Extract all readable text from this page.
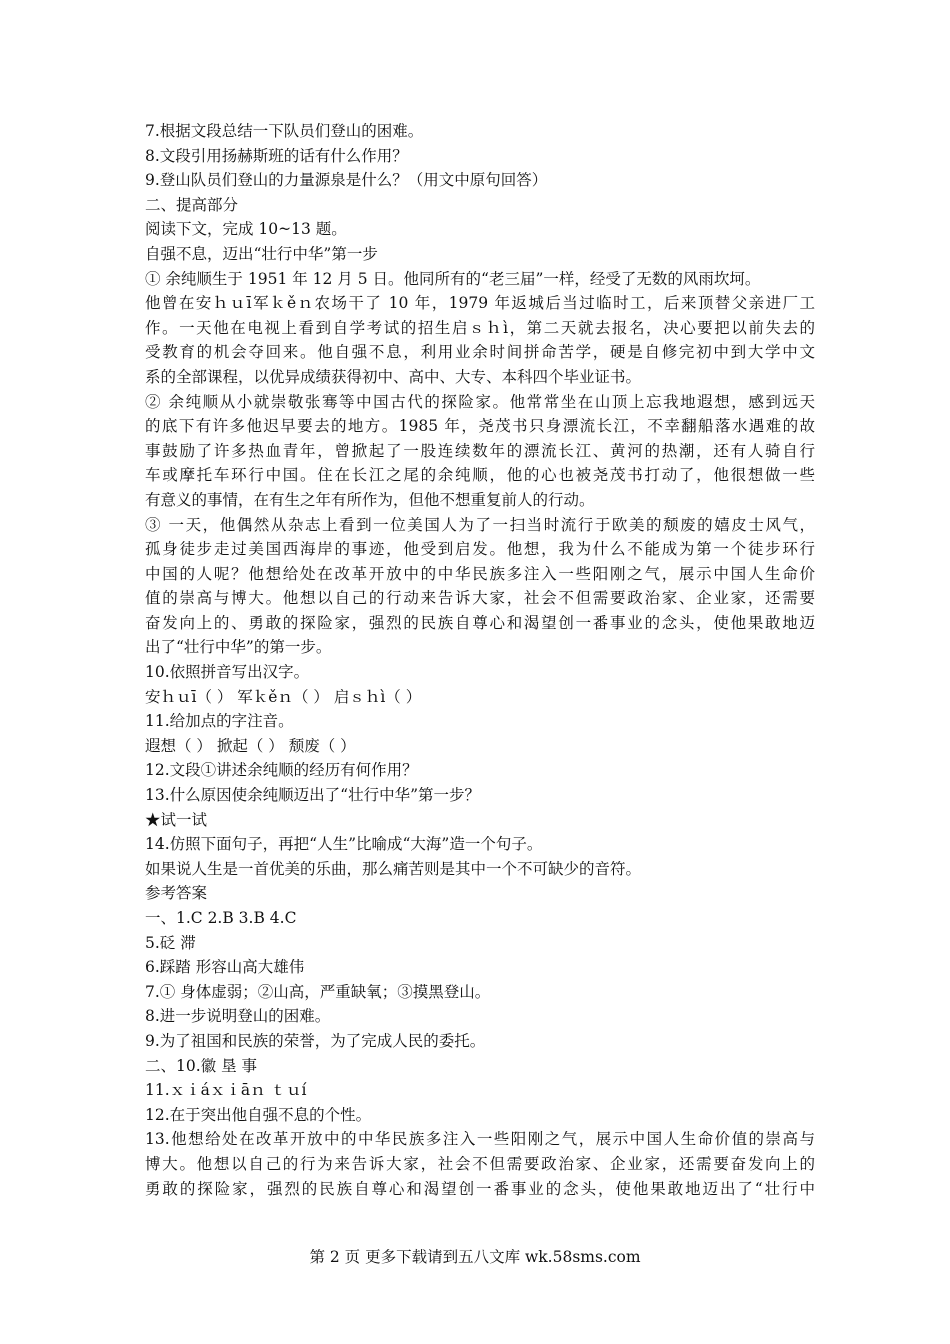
7.根据文段总结一下队员们登山的困难。
8.文段引用扬赫斯班的话有什么作用？
9.登山队员们登山的力量源泉是什么？（用文中原句回答）
二、提高部分
阅读下文，完成 10~13 题。
自强不息，迈出“壮行中华”第一步
① 余纯顺生于 1951 年 12 月 5 日。他同所有的“老三届”一样，经受了无数的风雨坎坷。
他曾在安ｈｕī军ｋěｎ农场干了 10 年，1979 年返城后当过临时工，后来顶替父亲进厂工
作。一天他在电视上看到自学考试的招生启ｓｈì，第二天就去报名，决心要把以前失去的
受教育的机会夺回来。他自强不息，利用业余时间拼命苦学，硬是自修完初中到大学中文
系的全部课程，以优异成绩获得初中、高中、大专、本科四个毕业证书。
② 余纯顺从小就崇敬张骞等中国古代的探险家。他常常坐在山顶上忘我地遐想，感到远天
的底下有许多他迟早要去的地方。1985 年，尧茂书只身漂流长江，不幸翻船落水遇难的故
事鼓励了许多热血青年，曾掀起了一股连续数年的漂流长江、黄河的热潮，还有人骑自行
车或摩托车环行中国。住在长江之尾的余纯顺，他的心也被尧茂书打动了，他很想做一些
有意义的事情，在有生之年有所作为，但他不想重复前人的行动。
③ 一天，他偶然从杂志上看到一位美国人为了一扫当时流行于欧美的颓废的嬉皮士风气，
孤身徒步走过美国西海岸的事迹，他受到启发。他想，我为什么不能成为第一个徒步环行
中国的人呢？他想给处在改革开放中的中华民族多注入一些阳刚之气，展示中国人生命价
值的崇高与博大。他想以自己的行动来告诉大家，社会不但需要政治家、企业家，还需要
奋发向上的、勇敢的探险家，强烈的民族自尊心和渴望创一番事业的念头，使他果敢地迈
出了“壮行中华”的第一步。
10.依照拼音写出汉字。
安ｈｕī（ ） 军ｋěｎ（ ） 启ｓｈì（ ）
11.给加点的字注音。
遐想（ ） 掀起（ ） 颓废（ ）
12.文段①讲述余纯顺的经历有何作用？
13.什么原因使余纯顺迈出了“壮行中华”第一步？
★试一试
14.仿照下面句子，再把“人生”比喻成“大海”造一个句子。
如果说人生是一首优美的乐曲，那么痛苦则是其中一个不可缺少的音符。
参考答案
一、1.C 2.B 3.B 4.C
5.砭 滞
6.踩踏 形容山高大雄伟
7.① 身体虚弱；②山高，严重缺氧；③摸黑登山。
8.进一步说明登山的困难。
9.为了祖国和民族的荣誉，为了完成人民的委托。
二、10.徽 垦 事
11.ｘｉáｘｉāｎ ｔｕí
12.在于突出他自强不息的个性。
13.他想给处在改革开放中的中华民族多注入一些阳刚之气，展示中国人生命价值的崇高与
博大。他想以自己的行为来告诉大家，社会不但需要政治家、企业家，还需要奋发向上的
勇敢的探险家，强烈的民族自尊心和渴望创一番事业的念头，使他果敢地迈出了“壮行中
第 2 页 更多下载请到五八文库 wk.58sms.com
